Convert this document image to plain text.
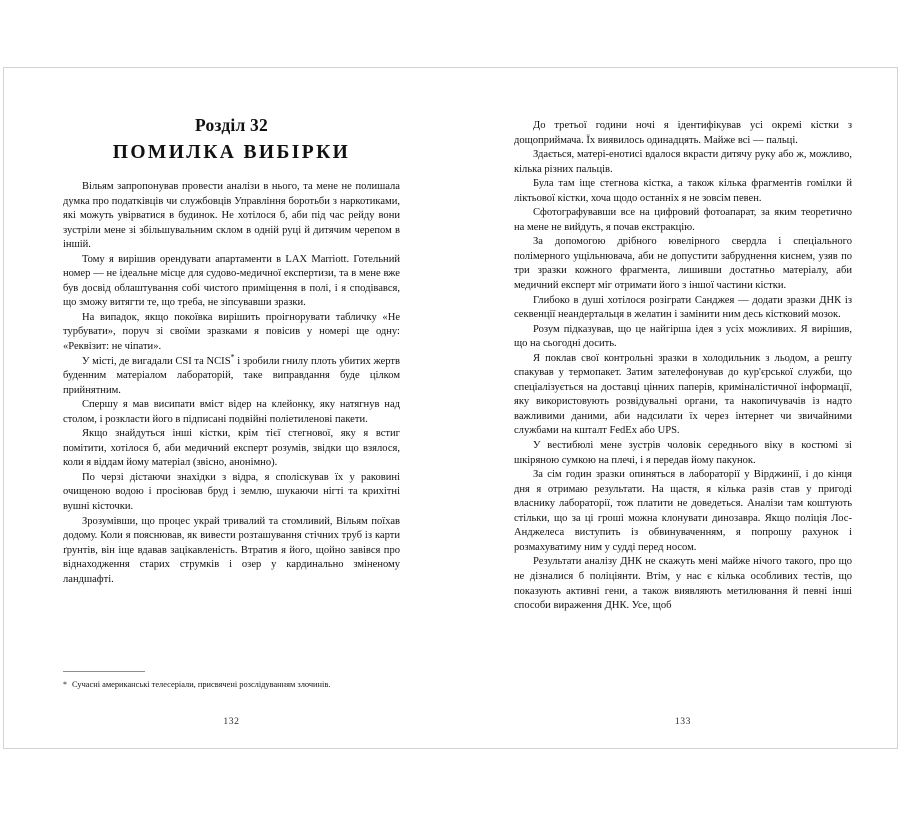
Розділ 32
ПОМИЛКА ВИБІРКИ

Вільям запропонував провести аналізи в нього, та мене не полишала думка про податківців чи службовців Управління боротьби з наркотиками, які можуть увірватися в будинок. Не хотілося б, аби під час рейду вони зустріли мене зі збільшувальним склом в одній руці й дитячим черепом в іншій.

Тому я вирішив орендувати апартаменти в LAX Marriott. Готельний номер — не ідеальне місце для судово-медичної експертизи, та в мене вже був досвід облаштування собі чистого приміщення в полі, і я сподівався, що зможу витягти те, що треба, не зіпсувавши зразки.

На випадок, якщо покоївка вирішить проігнорувати табличку «Не турбувати», поруч зі своїми зразками я повісив у номері ще одну: «Реквізит: не чіпати».

У місті, де вигадали CSI та NCIS* і зробили гнилу плоть убитих жертв буденним матеріалом лабораторій, таке виправдання буде цілком прийнятним.

Спершу я мав висипати вміст відер на клейонку, яку натягнув над столом, і розкласти його в підписані подвійні поліетиленові пакети.

Якщо знайдуться інші кістки, крім тієї стегнової, яку я встиг помітити, хотілося б, аби медичний експерт розумів, звідки що взялося, коли я віддам йому матеріал (звісно, анонімно).

По черзі дістаючи знахідки з відра, я споліскував їх у раковині очищеною водою і просіював бруд і землю, шукаючи нігті та крихітні вушні кісточки.

Зрозумівши, що процес украй тривалий та стомливий, Вільям поїхав додому. Коли я пояснював, як вивести розташування стічних труб із карти ґрунтів, він іще вдавав зацікавленість. Втратив я його, щойно завівся про віднаходження старих струмків і озер у кардинально зміненому ландшафті.

* Сучасні американські телесеріали, присвячені розслідуванням злочинів.
132

До третьої години ночі я ідентифікував усі окремі кістки з дощоприймача. Їх виявилось одинадцять. Майже всі — пальці.

Здається, матері-енотисі вдалося вкрасти дитячу руку або ж, можливо, кілька різних пальців.

Була там іще стегнова кістка, а також кілька фрагментів гомілки й ліктьової кістки, хоча щодо останніх я не зовсім певен.

Сфотографувавши все на цифровий фотоапарат, за яким теоретично на мене не вийдуть, я почав екстракцію.

За допомогою дрібного ювелірного свердла і спеціального полімерного ущільнювача, аби не допустити забруднення киснем, узяв по три зразки кожного фрагмента, лишивши достатньо матеріалу, аби медичний експерт міг отримати його з іншої частини кістки.

Глибоко в душі хотілося розіграти Санджея — додати зразки ДНК із секвенції неандертальця в желатин і замінити ним десь кістковий мозок.

Розум підказував, що це найгірша ідея з усіх можливих. Я вирішив, що на сьогодні досить.

Я поклав свої контрольні зразки в холодильник з льодом, а решту спакував у термопакет. Затим зателефонував до кур'єрської служби, що спеціалізується на доставці цінних паперів, криміналістичної інформації, яку використовують розвідувальні органи, та накопичувачів із надто важливими даними, аби надсилати їх через інтернет чи звичайними службами на кшталт FedEx або UPS.

У вестибюлі мене зустрів чоловік середнього віку в костюмі зі шкіряною сумкою на плечі, і я передав йому пакунок.

За сім годин зразки опиняться в лабораторії у Вірджинії, і до кінця дня я отримаю результати. На щастя, я кілька разів став у пригоді власнику лабораторії, тож платити не доведеться. Аналізи там коштують стільки, що за ці гроші можна клонувати динозавра. Якщо поліція Лос-Анджелеса виступить із обвинуваченням, я попрошу рахунок і розмахуватиму ним у судді перед носом.

Результати аналізу ДНК не скажуть мені майже нічого такого, про що не дізналися б поліціянти. Втім, у нас є кілька особливих тестів, що показують активні гени, а також виявляють метилювання й певні інші способи вираження ДНК. Усе, щоб

133
